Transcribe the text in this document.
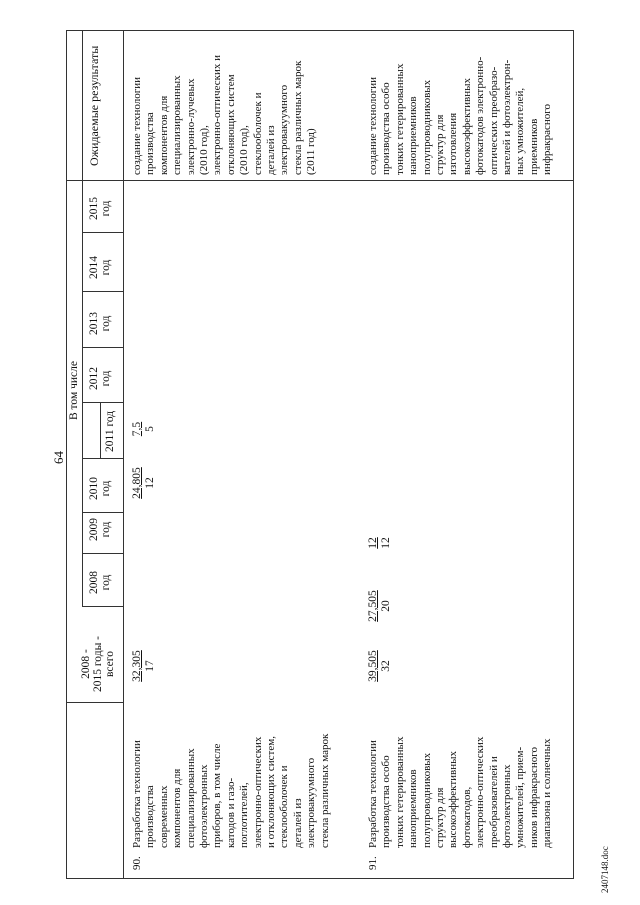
64
2008 - 2015 годы - всего
В том числе
2008 год
2009 год
2010 год
2011 год
2012 год
2013 год
2014 год
2015 год
Ожидаемые результаты
90.
Разработка технологии производства современных компонентов для специализированных фотоэлектронных приборов, в том числе катодов и газо- поглотителей, электронно-оптических и отклоняющих систем, стеклооболочек и деталей из электровакуумного стекла различных марок
32,305 17
24,805 12
7,5 5
создание технологии производства компонентов для специализированных электронно-лучевых (2010 год), электронно-оптических и отклоняющих систем (2010 год), стеклооболочек и деталей из электровакуумного стекла различных марок (2011 год)
91.
Разработка технологии производства особо тонких гетерированных наноприемников полупроводниковых структур для высокоэффективных фотокатодов, электронно-оптических преобразователей и фотоэлектронных умножителей, прием- ников инфракрасного диапазона и солнечных
39,505 32
27,505 20
12 12
создание технологии производства особо тонких гетерированных наноприемников полупроводниковых структур для изготовления высокоэффективных фотокатодов электронно- оптических преобразо- вателей и фотоэлектрон- ных умножителей, приемников инфракрасного
2407148.doc
